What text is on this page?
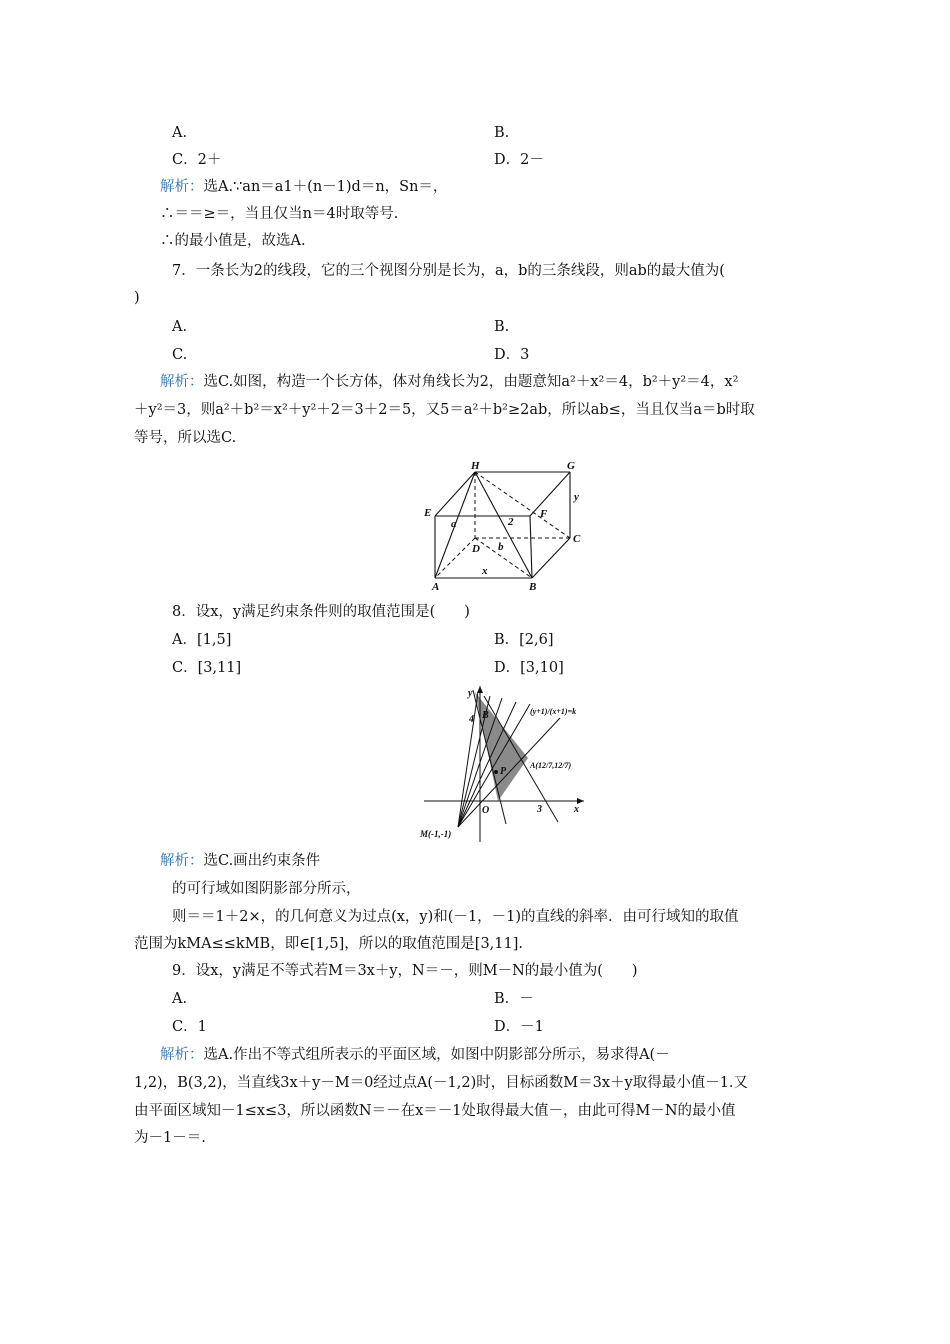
A.	B.
C．2＋	D．2－
解析：选A.∵an＝a1＋(n－1)d＝n，Sn＝，
∴＝＝≥＝，当且仅当n＝4时取等号.
∴的最小值是，故选A.
7．一条长为2的线段，它的三个视图分别是长为，a，b的三条线段，则ab的最大值为(
)
A.	B.
C.	D．3
解析：选C.如图，构造一个长方体，体对角线长为2，由题意知a²＋x²＝4，b²＋y²＝4，x²
＋y²＝3，则a²＋b²＝x²＋y²＋2＝3＋2＝5，又5＝a²＋b²≥2ab，所以ab≤，当且仅当a＝b时取
等号，所以选C.
H	G
E	F
D
C
A	B
a
b
x
y
2
8．设x，y满足约束条件则的取值范围是(　　)
A．[1,5]	B．[2,6]
C．[3,11]	D．[3,10]
y
x
4
3
O
B
P
A(12/7,12/7)
M(-1,-1)
(y+1)/(x+1)=k
解析：选C.画出约束条件
的可行域如图阴影部分所示，
则＝＝1＋2×，的几何意义为过点(x，y)和(－1，－1)的直线的斜率．由可行域知的取值
范围为kMA≤≤kMB，即∈[1,5]，所以的取值范围是[3,11].
9．设x，y满足不等式若M＝3x＋y，N＝－，则M－N的最小值为(　　)
A.	B．－
C．1	D．－1
解析：选A.作出不等式组所表示的平面区域，如图中阴影部分所示，易求得A(－
1,2)，B(3,2)，当直线3x＋y－M＝0经过点A(－1,2)时，目标函数M＝3x＋y取得最小值－1.又
由平面区域知－1≤x≤3，所以函数N＝－在x＝－1处取得最大值－，由此可得M－N的最小值
为－1－＝.
